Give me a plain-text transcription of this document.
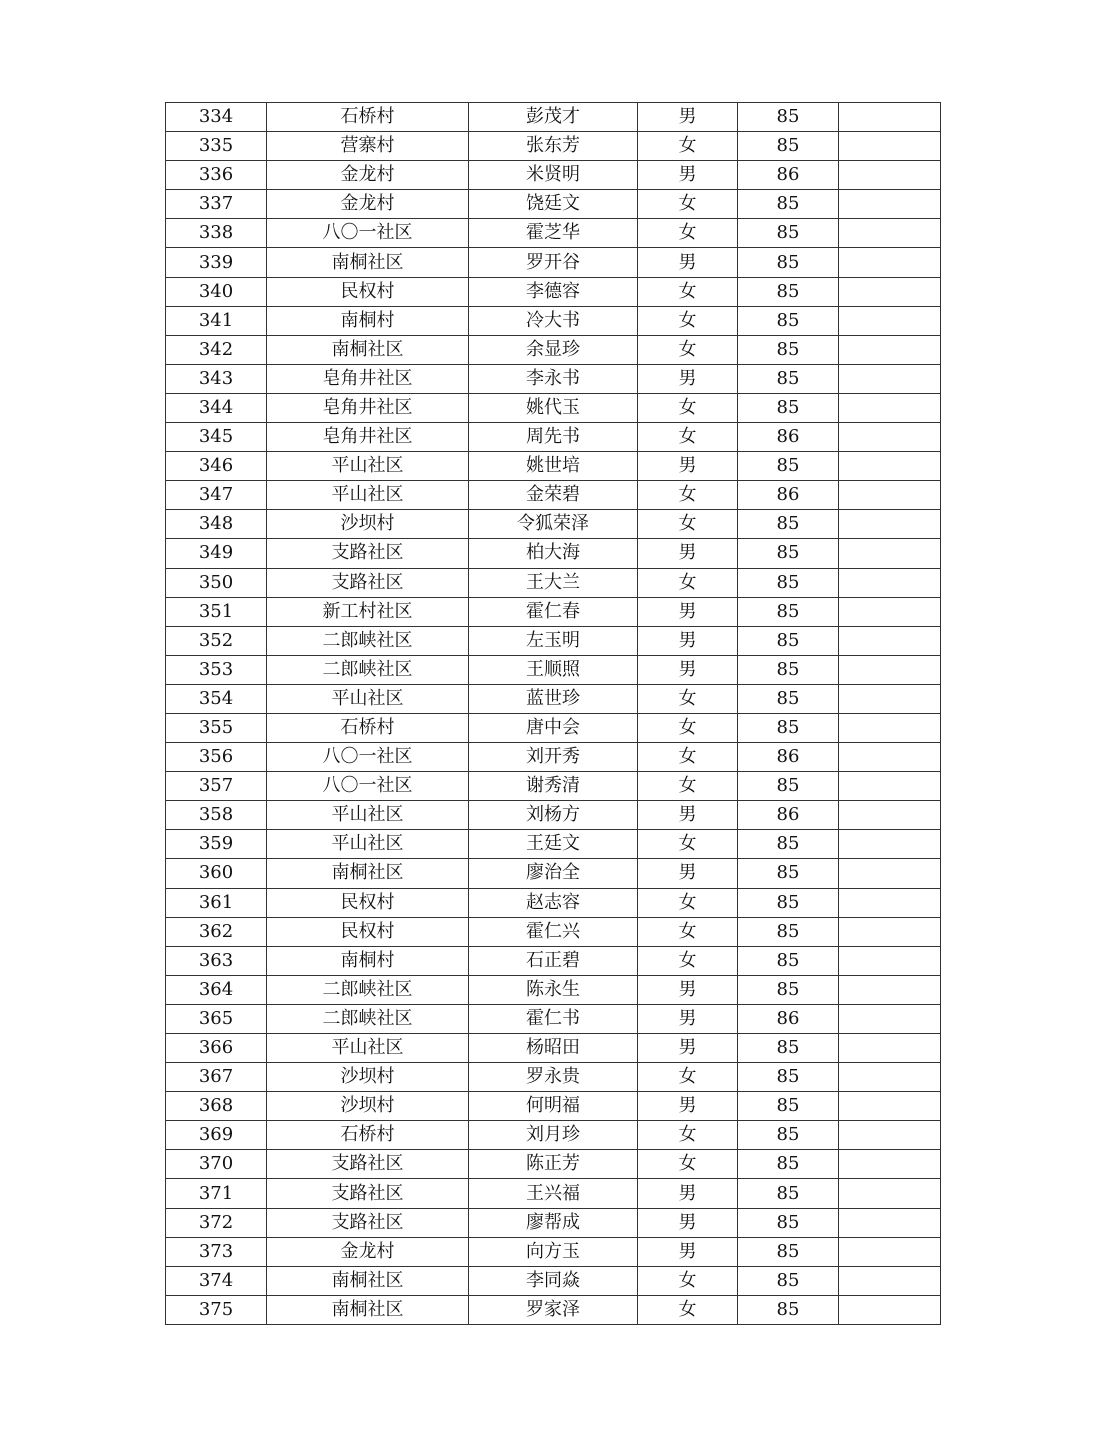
334	石桥村	彭茂才	男	85	
335	营寨村	张东芳	女	85	
336	金龙村	米贤明	男	86	
337	金龙村	饶廷文	女	85	
338	八〇一社区	霍芝华	女	85	
339	南桐社区	罗开谷	男	85	
340	民权村	李德容	女	85	
341	南桐村	冷大书	女	85	
342	南桐社区	余显珍	女	85	
343	皂角井社区	李永书	男	85	
344	皂角井社区	姚代玉	女	85	
345	皂角井社区	周先书	女	86	
346	平山社区	姚世培	男	85	
347	平山社区	金荣碧	女	86	
348	沙坝村	令狐荣泽	女	85	
349	支路社区	柏大海	男	85	
350	支路社区	王大兰	女	85	
351	新工村社区	霍仁春	男	85	
352	二郎峡社区	左玉明	男	85	
353	二郎峡社区	王顺照	男	85	
354	平山社区	蓝世珍	女	85	
355	石桥村	唐中会	女	85	
356	八〇一社区	刘开秀	女	86	
357	八〇一社区	谢秀清	女	85	
358	平山社区	刘杨方	男	86	
359	平山社区	王廷文	女	85	
360	南桐社区	廖治全	男	85	
361	民权村	赵志容	女	85	
362	民权村	霍仁兴	女	85	
363	南桐村	石正碧	女	85	
364	二郎峡社区	陈永生	男	85	
365	二郎峡社区	霍仁书	男	86	
366	平山社区	杨昭田	男	85	
367	沙坝村	罗永贵	女	85	
368	沙坝村	何明福	男	85	
369	石桥村	刘月珍	女	85	
370	支路社区	陈正芳	女	85	
371	支路社区	王兴福	男	85	
372	支路社区	廖帮成	男	85	
373	金龙村	向方玉	男	85	
374	南桐社区	李同焱	女	85	
375	南桐社区	罗家泽	女	85	
